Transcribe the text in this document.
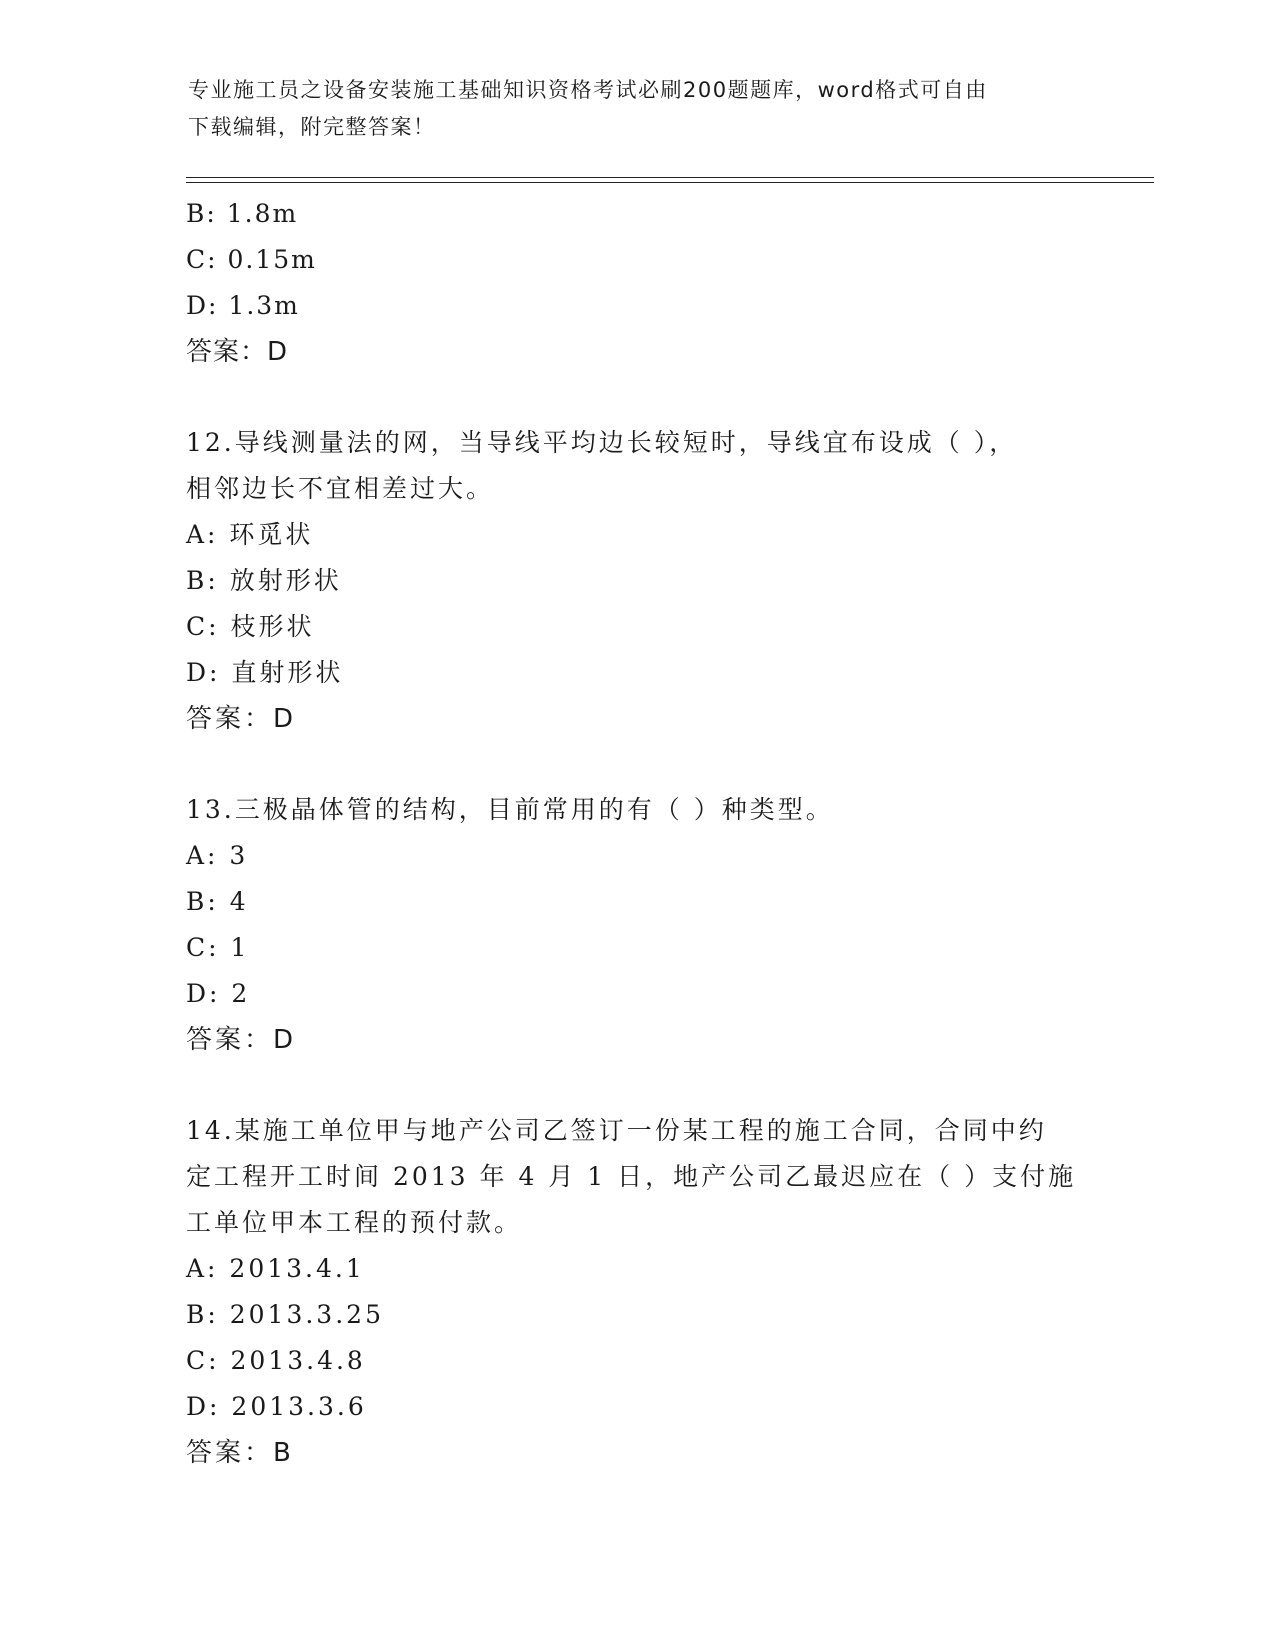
专业施工员之设备安装施工基础知识资格考试必刷200题题库，word格式可自由
下载编辑，附完整答案！
B: 1.8m
C: 0.15m
D: 1.3m
答案：D
12.导线测量法的网，当导线平均边长较短时，导线宜布设成（ ），
相邻边长不宜相差过大。
A: 环觅状
B: 放射形状
C: 枝形状
D: 直射形状
答案：D
13.三极晶体管的结构，目前常用的有（ ）种类型。
A: 3
B: 4
C: 1
D: 2
答案：D
14.某施工单位甲与地产公司乙签订一份某工程的施工合同，合同中约
定工程开工时间 2013 年 4 月 1 日，地产公司乙最迟应在（ ）支付施
工单位甲本工程的预付款。
A: 2013.4.1
B: 2013.3.25
C: 2013.4.8
D: 2013.3.6
答案：B
